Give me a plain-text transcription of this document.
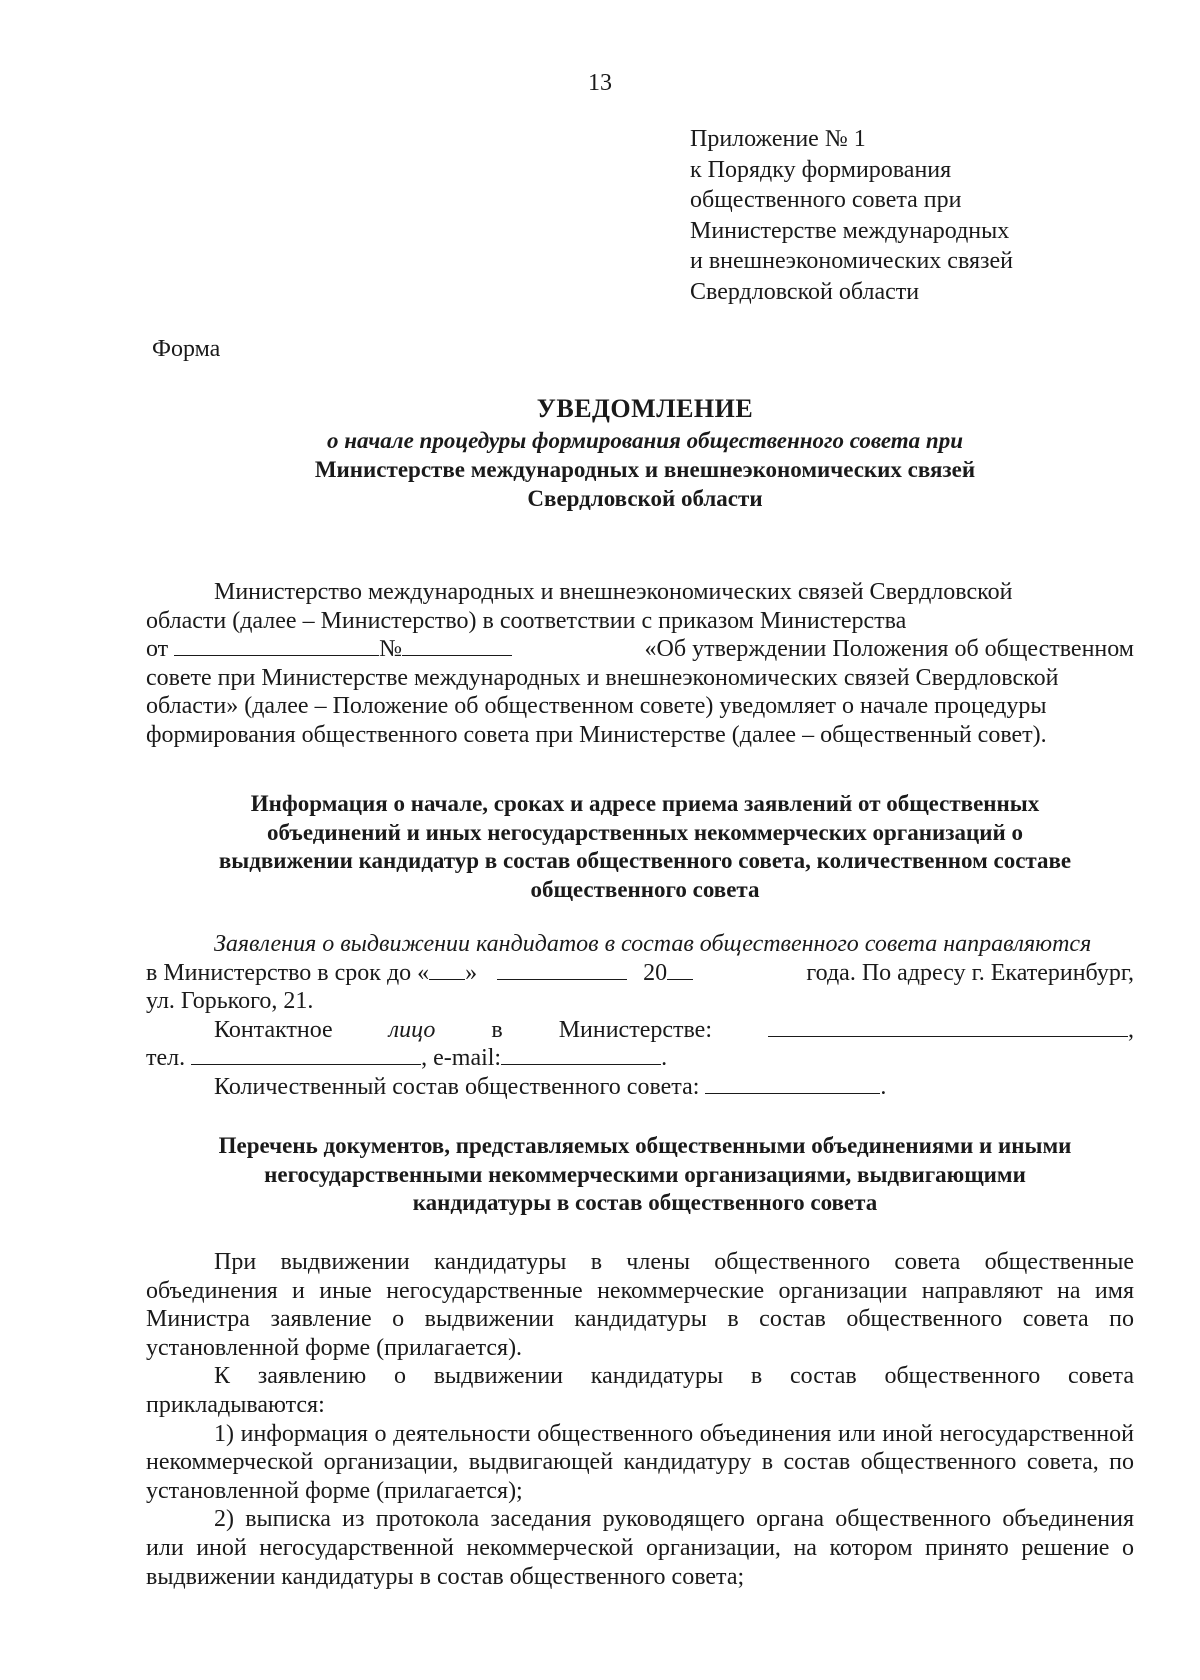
13
Приложение № 1
к Порядку формирования
общественного совета при
Министерстве международных
и внешнеэкономических связей
Свердловской области
Форма
УВЕДОМЛЕНИЕ
о начале процедуры формирования общественного совета при
Министерстве международных и внешнеэкономических связей
Свердловской области
Министерство международных и внешнеэкономических связей Свердловской
области (далее – Министерство) в соответствии с приказом Министерства
от	№	«Об утверждении Положения об общественном
совете при Министерстве международных и внешнеэкономических связей Свердловской
области» (далее – Положение об общественном совете) уведомляет о начале процедуры
формирования общественного совета при Министерстве (далее – общественный совет).
Информация о начале, сроках и адресе приема заявлений от общественных
объединений и иных негосударственных некоммерческих организаций о
выдвижении кандидатур в состав общественного совета, количественном составе
общественного совета
Заявления о выдвижении кандидатов в состав общественного совета направляются
в Министерство в срок до « »	20	года. По адресу г. Екатеринбург,
ул. Горького, 21.
Контактное лицо в Министерстве:	,
тел.	, e-mail:	.
Количественный состав общественного совета:	.
Перечень документов, представляемых общественными объединениями и иными
негосударственными некоммерческими организациями, выдвигающими
кандидатуры в состав общественного совета

При выдвижении кандидатуры в члены общественного совета общественные объединения и иные негосударственные некоммерческие организации направляют на имя Министра заявление о выдвижении кандидатуры в состав общественного совета по установленной форме (прилагается).

К заявлению о выдвижении кандидатуры в состав общественного совета прикладываются:

1) информация о деятельности общественного объединения или иной негосударственной некоммерческой организации, выдвигающей кандидатуру в состав общественного совета, по установленной форме (прилагается);

2) выписка из протокола заседания руководящего органа общественного объединения или иной негосударственной некоммерческой организации, на котором принято решение о выдвижении кандидатуры в состав общественного совета;
